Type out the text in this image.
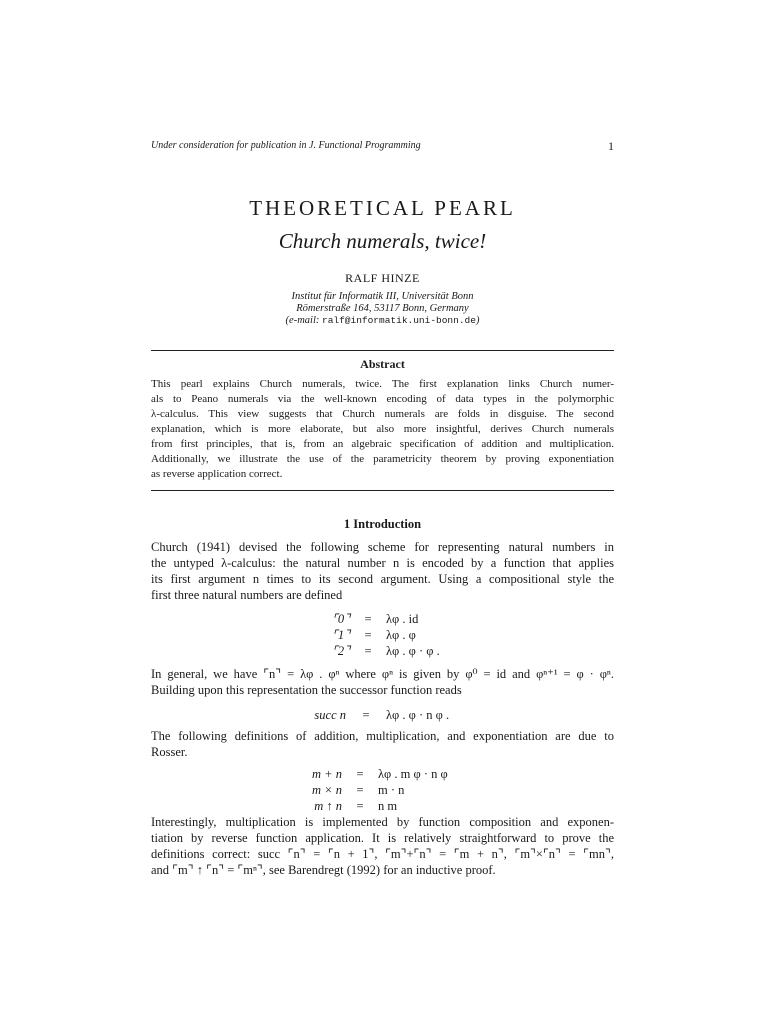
Under consideration for publication in J. Functional Programming	1
THEORETICAL PEARL
Church numerals, twice!
RALF HINZE
Institut für Informatik III, Universität Bonn
Römerstraße 164, 53117 Bonn, Germany
(e-mail: ralf@informatik.uni-bonn.de)
Abstract
This pearl explains Church numerals, twice. The first explanation links Church numer-
als to Peano numerals via the well-known encoding of data types in the polymorphic
λ-calculus. This view suggests that Church numerals are folds in disguise. The second
explanation, which is more elaborate, but also more insightful, derives Church numerals
from first principles, that is, from an algebraic specification of addition and multiplication.
Additionally, we illustrate the use of the parametricity theorem by proving exponentiation
as reverse application correct.
1 Introduction
Church (1941) devised the following scheme for representing natural numbers in
the untyped λ-calculus: the natural number n is encoded by a function that applies
its first argument n times to its second argument. Using a compositional style the
first three natural numbers are defined
⌜0⌝	=	λφ . id
⌜1⌝	=	λφ . φ
⌜2⌝	=	λφ . φ · φ .
In general, we have ⌜n⌝ = λφ . φⁿ where φⁿ is given by φ⁰ = id and φⁿ⁺¹ = φ · φⁿ.
Building upon this representation the successor function reads
succ n	=	λφ . φ · n φ .
The following definitions of addition, multiplication, and exponentiation are due to
Rosser.
m + n	=	λφ . m φ · n φ
m × n	=	m · n
m ↑ n	=	n m
Interestingly, multiplication is implemented by function composition and exponen-
tiation by reverse function application. It is relatively straightforward to prove the
definitions correct: succ ⌜n⌝ = ⌜n + 1⌝, ⌜m⌝+⌜n⌝ = ⌜m + n⌝, ⌜m⌝×⌜n⌝ = ⌜mn⌝,
and ⌜m⌝ ↑ ⌜n⌝ = ⌜mⁿ⌝, see Barendregt (1992) for an inductive proof.
